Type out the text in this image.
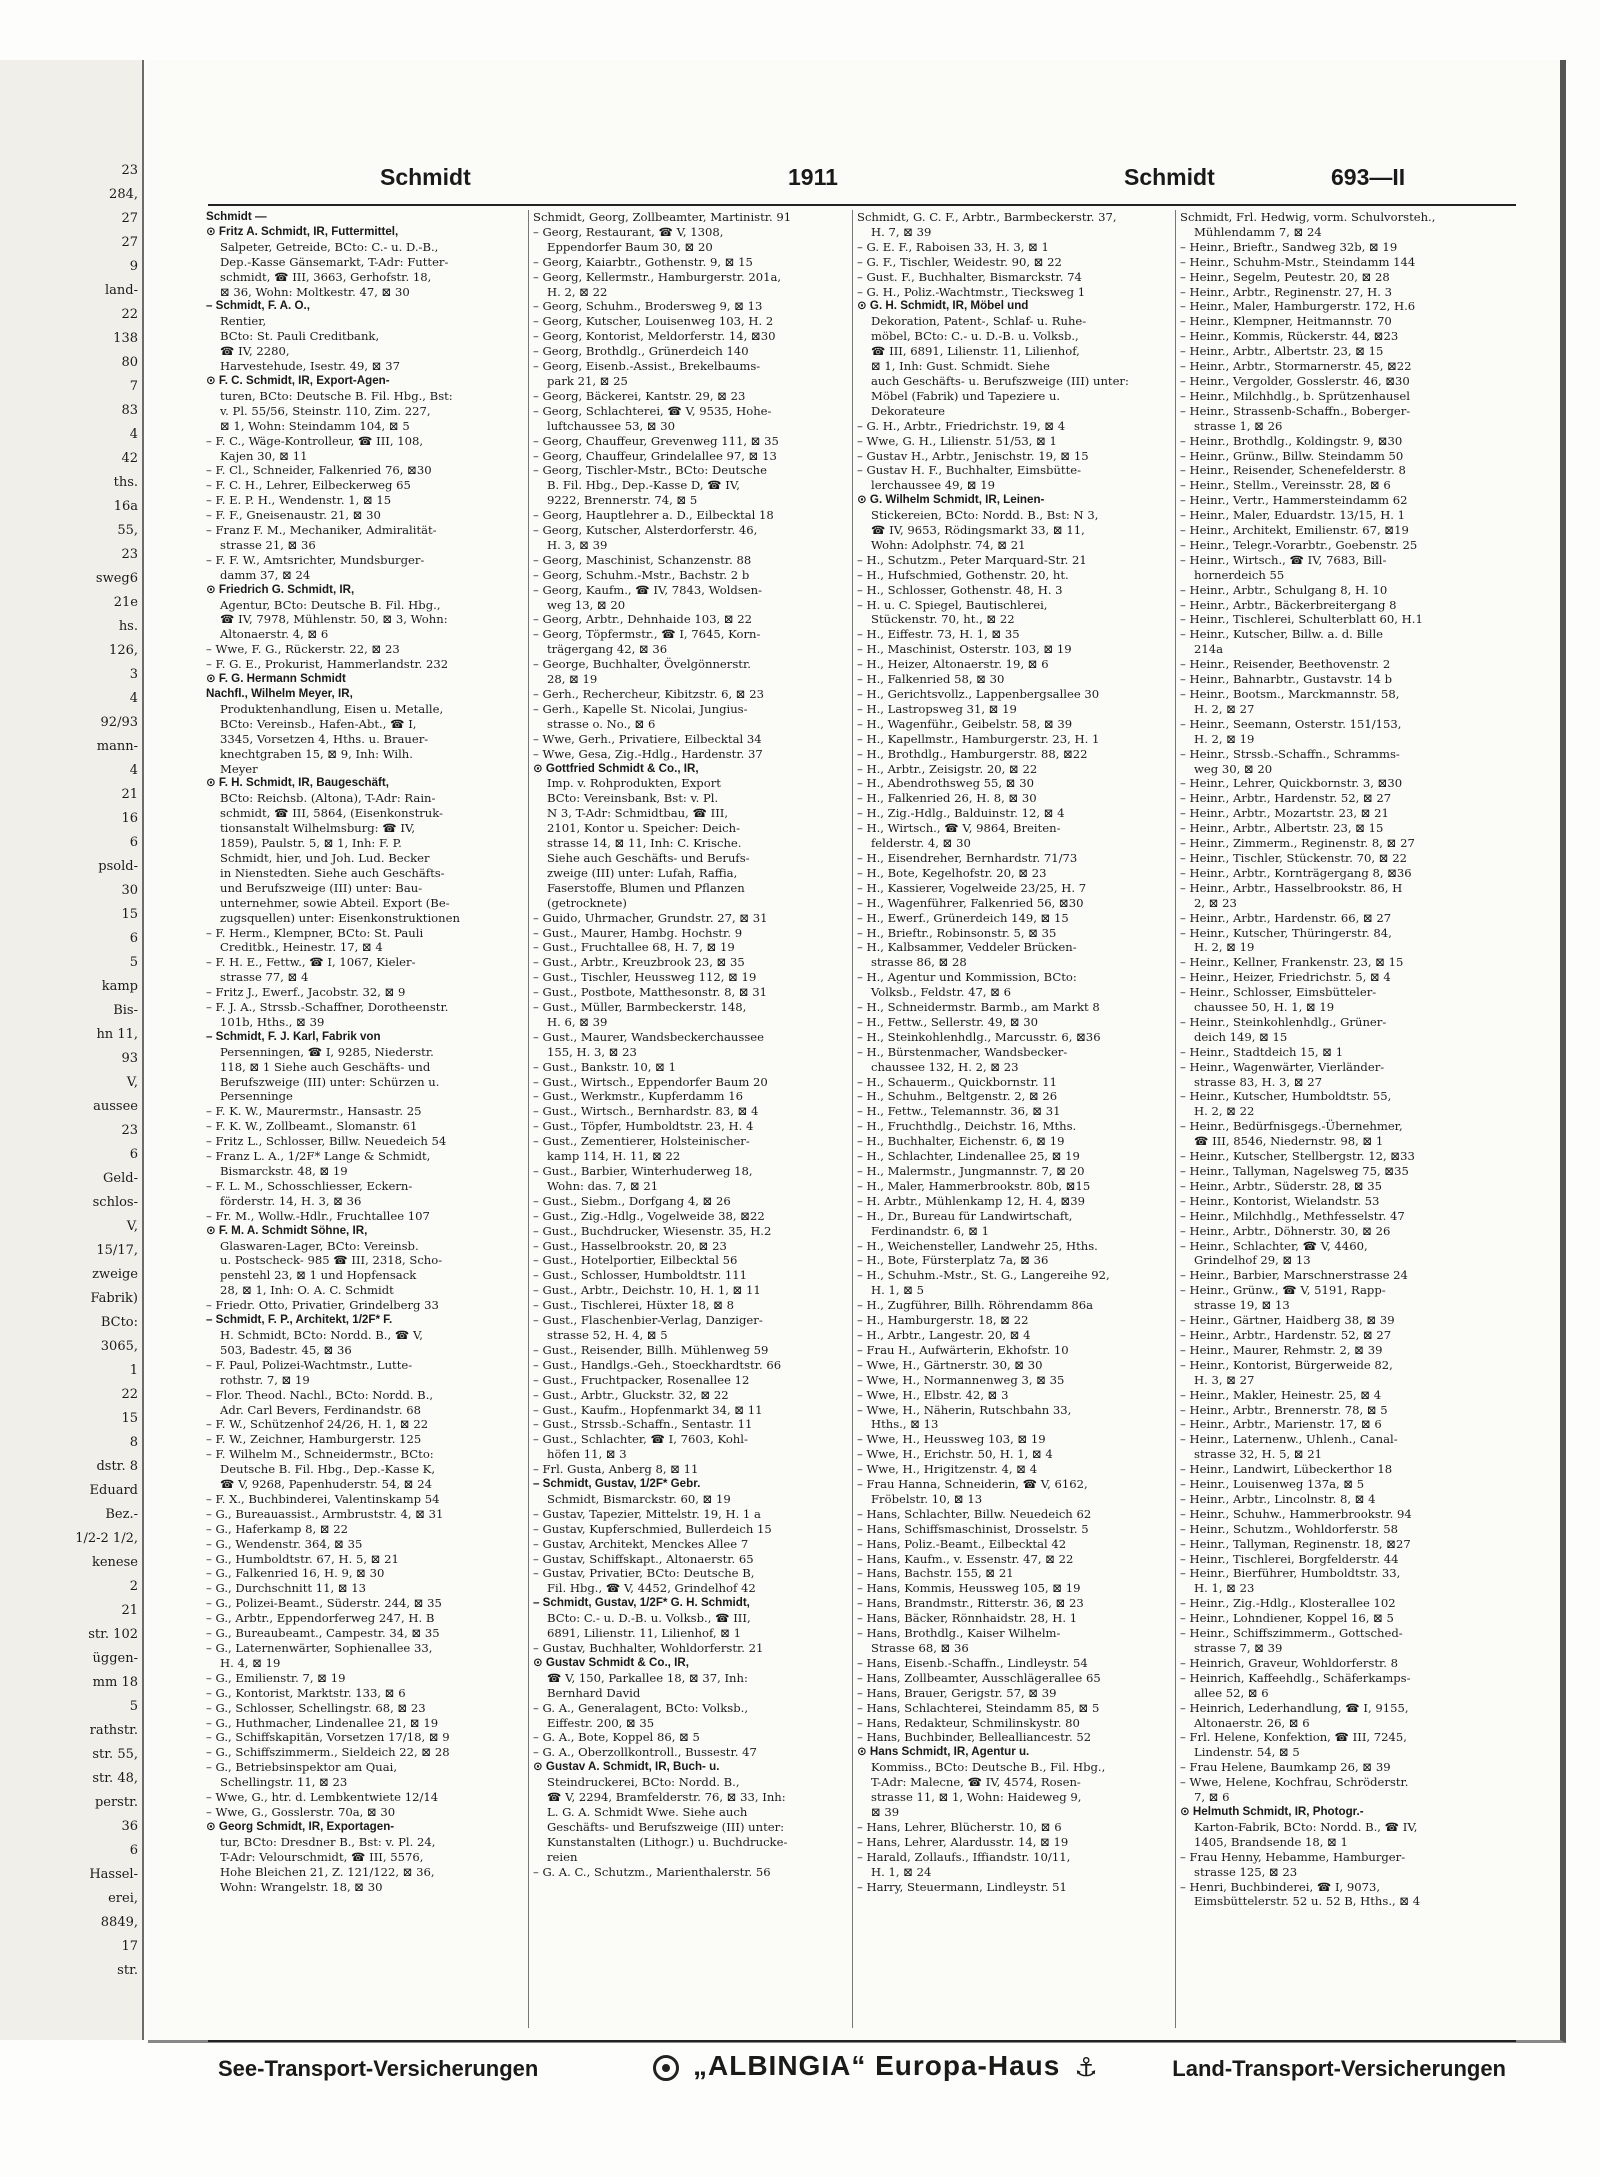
23
284,
27
27
9
land-
22
138
80
7
83
4
42
ths.
16a
55,
23
sweg6
21e
hs.
126,
3
4
92/93
mann-
4
21
16
6
psold-
30
15
6
5
kamp
Bis-
hn 11,
93
V,
aussee
23
6
Geld-
schlos-
V,
15/17,
zweige
Fabrik)
BCto:
3065,
1
22
15
8
dstr. 8
Eduard
Bez.-
1/2-2 1/2,
kenese
2
21
str. 102
üggen-
mm 18
5
rathstr.
str. 55,
str. 48,
perstr.
36
6
Hassel-
erei,
8849,
17
str.
Schmidt	1911	Schmidt	693—II
Schmidt —
⊙ Fritz A. Schmidt, IR, Futtermittel,
Salpeter, Getreide, BCto: C.- u. D.-B.,
Dep.-Kasse Gänsemarkt, T-Adr: Futter-
schmidt, ☎ III, 3663, Gerhofstr. 18,
⊠ 36, Wohn: Moltkestr. 47, ⊠ 30
– Schmidt, F. A. O.,
Rentier,
BCto: St. Pauli Creditbank,
☎ IV, 2280,
Harvestehude, Isestr. 49, ⊠ 37
⊙ F. C. Schmidt, IR, Export-Agen-
turen, BCto: Deutsche B. Fil. Hbg., Bst:
v. Pl. 55/56, Steinstr. 110, Zim. 227,
⊠ 1, Wohn: Steindamm 104, ⊠ 5
– F. C., Wäge-Kontrolleur, ☎ III, 108,
Kajen 30, ⊠ 11
– F. Cl., Schneider, Falkenried 76, ⊠30
– F. C. H., Lehrer, Eilbeckerweg 65
– F. E. P. H., Wendenstr. 1, ⊠ 15
– F. F., Gneisenaustr. 21, ⊠ 30
– Franz F. M., Mechaniker, Admiralität-
strasse 21, ⊠ 36
– F. F. W., Amtsrichter, Mundsburger-
damm 37, ⊠ 24
⊙ Friedrich G. Schmidt, IR,
Agentur, BCto: Deutsche B. Fil. Hbg.,
☎ IV, 7978, Mühlenstr. 50, ⊠ 3, Wohn:
Altonaerstr. 4, ⊠ 6
– Wwe, F. G., Rückerstr. 22, ⊠ 23
– F. G. E., Prokurist, Hammerlandstr. 232
⊙ F. G. Hermann Schmidt
Nachfl., Wilhelm Meyer, IR,
Produktenhandlung, Eisen u. Metalle,
BCto: Vereinsb., Hafen-Abt., ☎ I,
3345, Vorsetzen 4, Hths. u. Brauer-
knechtgraben 15, ⊠ 9, Inh: Wilh.
Meyer
⊙ F. H. Schmidt, IR, Baugeschäft,
BCto: Reichsb. (Altona), T-Adr: Rain-
schmidt, ☎ III, 5864, (Eisenkonstruk-
tionsanstalt Wilhelmsburg: ☎ IV,
1859), Paulstr. 5, ⊠ 1, Inh: F. P.
Schmidt, hier, und Joh. Lud. Becker
in Nienstedten. Siehe auch Geschäfts-
und Berufszweige (III) unter: Bau-
unternehmer, sowie Abteil. Export (Be-
zugsquellen) unter: Eisenkonstruktionen
– F. Herm., Klempner, BCto: St. Pauli
Creditbk., Heinestr. 17, ⊠ 4
– F. H. E., Fettw., ☎ I, 1067, Kieler-
strasse 77, ⊠ 4
– Fritz J., Ewerf., Jacobstr. 32, ⊠ 9
– F. J. A., Strssb.-Schaffner, Dorotheenstr.
101b, Hths., ⊠ 39
– Schmidt, F. J. Karl, Fabrik von
Persenningen, ☎ I, 9285, Niederstr.
118, ⊠ 1 Siehe auch Geschäfts- und
Berufszweige (III) unter: Schürzen u.
Persenninge
– F. K. W., Maurermstr., Hansastr. 25
– F. K. W., Zollbeamt., Slomanstr. 61
– Fritz L., Schlosser, Billw. Neuedeich 54
– Franz L. A., 1/2F* Lange & Schmidt,
Bismarckstr. 48, ⊠ 19
– F. L. M., Schosschliesser, Eckern-
förderstr. 14, H. 3, ⊠ 36
– Fr. M., Wollw.-Hdlr., Fruchtallee 107
⊙ F. M. A. Schmidt Söhne, IR,
Glaswaren-Lager, BCto: Vereinsb.
u. Postscheck- 985 ☎ III, 2318, Scho-
penstehl 23, ⊠ 1 und Hopfensack
28, ⊠ 1, Inh: O. A. C. Schmidt
– Friedr. Otto, Privatier, Grindelberg 33
– Schmidt, F. P., Architekt, 1/2F* F.
H. Schmidt, BCto: Nordd. B., ☎ V,
503, Badestr. 45, ⊠ 36
– F. Paul, Polizei-Wachtmstr., Lutte-
rothstr. 7, ⊠ 19
– Flor. Theod. Nachl., BCto: Nordd. B.,
Adr. Carl Bevers, Ferdinandstr. 68
– F. W., Schützenhof 24/26, H. 1, ⊠ 22
– F. W., Zeichner, Hamburgerstr. 125
– F. Wilhelm M., Schneidermstr., BCto:
Deutsche B. Fil. Hbg., Dep.-Kasse K,
☎ V, 9268, Papenhuderstr. 54, ⊠ 24
– F. X., Buchbinderei, Valentinskamp 54
– G., Bureauassist., Armbruststr. 4, ⊠ 31
– G., Haferkamp 8, ⊠ 22
– G., Wendenstr. 364, ⊠ 35
– G., Humboldtstr. 67, H. 5, ⊠ 21
– G., Falkenried 16, H. 9, ⊠ 30
– G., Durchschnitt 11, ⊠ 13
– G., Polizei-Beamt., Süderstr. 244, ⊠ 35
– G., Arbtr., Eppendorferweg 247, H. B
– G., Bureaubeamt., Campestr. 34, ⊠ 35
– G., Laternenwärter, Sophienallee 33,
H. 4, ⊠ 19
– G., Emilienstr. 7, ⊠ 19
– G., Kontorist, Marktstr. 133, ⊠ 6
– G., Schlosser, Schellingstr. 68, ⊠ 23
– G., Huthmacher, Lindenallee 21, ⊠ 19
– G., Schiffskapitän, Vorsetzen 17/18, ⊠ 9
– G., Schiffszimmerm., Sieldeich 22, ⊠ 28
– G., Betriebsinspektor am Quai,
Schellingstr. 11, ⊠ 23
– Wwe, G., htr. d. Lembkentwiete 12/14
– Wwe, G., Gosslerstr. 70a, ⊠ 30
⊙ Georg Schmidt, IR, Exportagen-
tur, BCto: Dresdner B., Bst: v. Pl. 24,
T-Adr: Velourschmidt, ☎ III, 5576,
Hohe Bleichen 21, Z. 121/122, ⊠ 36,
Wohn: Wrangelstr. 18, ⊠ 30
Schmidt, Georg, Zollbeamter, Martinistr. 91
– Georg, Restaurant, ☎ V, 1308,
Eppendorfer Baum 30, ⊠ 20
– Georg, Kaiarbtr., Gothenstr. 9, ⊠ 15
– Georg, Kellermstr., Hamburgerstr. 201a,
H. 2, ⊠ 22
– Georg, Schuhm., Brodersweg 9, ⊠ 13
– Georg, Kutscher, Louisenweg 103, H. 2
– Georg, Kontorist, Meldorferstr. 14, ⊠30
– Georg, Brothdlg., Grünerdeich 140
– Georg, Eisenb.-Assist., Brekelbaums-
park 21, ⊠ 25
– Georg, Bäckerei, Kantstr. 29, ⊠ 23
– Georg, Schlachterei, ☎ V, 9535, Hohe-
luftchaussee 53, ⊠ 30
– Georg, Chauffeur, Grevenweg 111, ⊠ 35
– Georg, Chauffeur, Grindelallee 97, ⊠ 13
– Georg, Tischler-Mstr., BCto: Deutsche
B. Fil. Hbg., Dep.-Kasse D, ☎ IV,
9222, Brennerstr. 74, ⊠ 5
– Georg, Hauptlehrer a. D., Eilbecktal 18
– Georg, Kutscher, Alsterdorferstr. 46,
H. 3, ⊠ 39
– Georg, Maschinist, Schanzenstr. 88
– Georg, Schuhm.-Mstr., Bachstr. 2 b
– Georg, Kaufm., ☎ IV, 7843, Woldsen-
weg 13, ⊠ 20
– Georg, Arbtr., Dehnhaide 103, ⊠ 22
– Georg, Töpfermstr., ☎ I, 7645, Korn-
trägergang 42, ⊠ 36
– George, Buchhalter, Övelgönnerstr.
28, ⊠ 19
– Gerh., Rechercheur, Kibitzstr. 6, ⊠ 23
– Gerh., Kapelle St. Nicolai, Jungius-
strasse o. No., ⊠ 6
– Wwe, Gerh., Privatiere, Eilbecktal 34
– Wwe, Gesa, Zig.-Hdlg., Hardenstr. 37
⊙ Gottfried Schmidt & Co., IR,
Imp. v. Rohprodukten, Export
BCto: Vereinsbank, Bst: v. Pl.
N 3, T-Adr: Schmidtbau, ☎ III,
2101, Kontor u. Speicher: Deich-
strasse 14, ⊠ 11, Inh: C. Krische.
Siehe auch Geschäfts- und Berufs-
zweige (III) unter: Lufah, Raffia,
Faserstoffe, Blumen und Pflanzen
(getrocknete)
– Guido, Uhrmacher, Grundstr. 27, ⊠ 31
– Gust., Maurer, Hambg. Hochstr. 9
– Gust., Fruchtallee 68, H. 7, ⊠ 19
– Gust., Arbtr., Kreuzbrook 23, ⊠ 35
– Gust., Tischler, Heussweg 112, ⊠ 19
– Gust., Postbote, Matthesonstr. 8, ⊠ 31
– Gust., Müller, Barmbeckerstr. 148,
H. 6, ⊠ 39
– Gust., Maurer, Wandsbeckerchaussee
155, H. 3, ⊠ 23
– Gust., Bankstr. 10, ⊠ 1
– Gust., Wirtsch., Eppendorfer Baum 20
– Gust., Werkmstr., Kupferdamm 16
– Gust., Wirtsch., Bernhardstr. 83, ⊠ 4
– Gust., Töpfer, Humboldtstr. 23, H. 4
– Gust., Zementierer, Holsteinischer-
kamp 114, H. 11, ⊠ 22
– Gust., Barbier, Winterhuderweg 18,
Wohn: das. 7, ⊠ 21
– Gust., Siebm., Dorfgang 4, ⊠ 26
– Gust., Zig.-Hdlg., Vogelweide 38, ⊠22
– Gust., Buchdrucker, Wiesenstr. 35, H.2
– Gust., Hasselbrookstr. 20, ⊠ 23
– Gust., Hotelportier, Eilbecktal 56
– Gust., Schlosser, Humboldtstr. 111
– Gust., Arbtr., Deichstr. 10, H. 1, ⊠ 11
– Gust., Tischlerei, Hüxter 18, ⊠ 8
– Gust., Flaschenbier-Verlag, Danziger-
strasse 52, H. 4, ⊠ 5
– Gust., Reisender, Billh. Mühlenweg 59
– Gust., Handlgs.-Geh., Stoeckhardtstr. 66
– Gust., Fruchtpacker, Rosenallee 12
– Gust., Arbtr., Gluckstr. 32, ⊠ 22
– Gust., Kaufm., Hopfenmarkt 34, ⊠ 11
– Gust., Strssb.-Schaffn., Sentastr. 11
– Gust., Schlachter, ☎ I, 7603, Kohl-
höfen 11, ⊠ 3
– Frl. Gusta, Anberg 8, ⊠ 11
– Schmidt, Gustav, 1/2F* Gebr.
Schmidt, Bismarckstr. 60, ⊠ 19
– Gustav, Tapezier, Mittelstr. 19, H. 1 a
– Gustav, Kupferschmied, Bullerdeich 15
– Gustav, Architekt, Menckes Allee 7
– Gustav, Schiffskapt., Altonaerstr. 65
– Gustav, Privatier, BCto: Deutsche B,
Fil. Hbg., ☎ V, 4452, Grindelhof 42
– Schmidt, Gustav, 1/2F* G. H. Schmidt,
BCto: C.- u. D.-B. u. Volksb., ☎ III,
6891, Lilienstr. 11, Lilienhof, ⊠ 1
– Gustav, Buchhalter, Wohldorferstr. 21
⊙ Gustav Schmidt & Co., IR,
☎ V, 150, Parkallee 18, ⊠ 37, Inh:
Bernhard David
– G. A., Generalagent, BCto: Volksb.,
Eiffestr. 200, ⊠ 35
– G. A., Bote, Koppel 86, ⊠ 5
– G. A., Oberzollkontroll., Bussestr. 47
⊙ Gustav A. Schmidt, IR, Buch- u.
Steindruckerei, BCto: Nordd. B.,
☎ V, 2294, Bramfelderstr. 76, ⊠ 33, Inh:
L. G. A. Schmidt Wwe. Siehe auch
Geschäfts- und Berufszweige (III) unter:
Kunstanstalten (Lithogr.) u. Buchdrucke-
reien
– G. A. C., Schutzm., Marienthalerstr. 56
Schmidt, G. C. F., Arbtr., Barmbeckerstr. 37,
H. 7, ⊠ 39
– G. E. F., Raboisen 33, H. 3, ⊠ 1
– G. F., Tischler, Weidestr. 90, ⊠ 22
– Gust. F., Buchhalter, Bismarckstr. 74
– G. H., Poliz.-Wachtmstr., Tiecksweg 1
⊙ G. H. Schmidt, IR, Möbel und
Dekoration, Patent-, Schlaf- u. Ruhe-
möbel, BCto: C.- u. D.-B. u. Volksb.,
☎ III, 6891, Lilienstr. 11, Lilienhof,
⊠ 1, Inh: Gust. Schmidt. Siehe
auch Geschäfts- u. Berufszweige (III) unter:
Möbel (Fabrik) und Tapeziere u.
Dekorateure
– G. H., Arbtr., Friedrichstr. 19, ⊠ 4
– Wwe, G. H., Lilienstr. 51/53, ⊠ 1
– Gustav H., Arbtr., Jenischstr. 19, ⊠ 15
– Gustav H. F., Buchhalter, Eimsbütte-
lerchaussee 49, ⊠ 19
⊙ G. Wilhelm Schmidt, IR, Leinen-
Stickereien, BCto: Nordd. B., Bst: N 3,
☎ IV, 9653, Rödingsmarkt 33, ⊠ 11,
Wohn: Adolphstr. 74, ⊠ 21
– H., Schutzm., Peter Marquard-Str. 21
– H., Hufschmied, Gothenstr. 20, ht.
– H., Schlosser, Gothenstr. 48, H. 3
– H. u. C. Spiegel, Bautischlerei,
Stückenstr. 70, ht., ⊠ 22
– H., Eiffestr. 73, H. 1, ⊠ 35
– H., Maschinist, Osterstr. 103, ⊠ 19
– H., Heizer, Altonaerstr. 19, ⊠ 6
– H., Falkenried 58, ⊠ 30
– H., Gerichtsvollz., Lappenbergsallee 30
– H., Lastropsweg 31, ⊠ 19
– H., Wagenführ., Geibelstr. 58, ⊠ 39
– H., Kapellmstr., Hamburgerstr. 23, H. 1
– H., Brothdlg., Hamburgerstr. 88, ⊠22
– H., Arbtr., Zeisigstr. 20, ⊠ 22
– H., Abendrothsweg 55, ⊠ 30
– H., Falkenried 26, H. 8, ⊠ 30
– H., Zig.-Hdlg., Balduinstr. 12, ⊠ 4
– H., Wirtsch., ☎ V, 9864, Breiten-
felderstr. 4, ⊠ 30
– H., Eisendreher, Bernhardstr. 71/73
– H., Bote, Kegelhofstr. 20, ⊠ 23
– H., Kassierer, Vogelweide 23/25, H. 7
– H., Wagenführer, Falkenried 56, ⊠30
– H., Ewerf., Grünerdeich 149, ⊠ 15
– H., Brieftr., Robinsonstr. 5, ⊠ 35
– H., Kalbsammer, Veddeler Brücken-
strasse 86, ⊠ 28
– H., Agentur und Kommission, BCto:
Volksb., Feldstr. 47, ⊠ 6
– H., Schneidermstr. Barmb., am Markt 8
– H., Fettw., Sellerstr. 49, ⊠ 30
– H., Steinkohlenhdlg., Marcusstr. 6, ⊠36
– H., Bürstenmacher, Wandsbecker-
chaussee 132, H. 2, ⊠ 23
– H., Schauerm., Quickbornstr. 11
– H., Schuhm., Beltgenstr. 2, ⊠ 26
– H., Fettw., Telemannstr. 36, ⊠ 31
– H., Fruchthdlg., Deichstr. 16, Mths.
– H., Buchhalter, Eichenstr. 6, ⊠ 19
– H., Schlachter, Lindenallee 25, ⊠ 19
– H., Malermstr., Jungmannstr. 7, ⊠ 20
– H., Maler, Hammerbrookstr. 80b, ⊠15
– H. Arbtr., Mühlenkamp 12, H. 4, ⊠39
– H., Dr., Bureau für Landwirtschaft,
Ferdinandstr. 6, ⊠ 1
– H., Weichensteller, Landwehr 25, Hths.
– H., Bote, Fürsterplatz 7a, ⊠ 36
– H., Schuhm.-Mstr., St. G., Langereihe 92,
H. 1, ⊠ 5
– H., Zugführer, Billh. Röhrendamm 86a
– H., Hamburgerstr. 18, ⊠ 22
– H., Arbtr., Langestr. 20, ⊠ 4
– Frau H., Aufwärterin, Ekhofstr. 10
– Wwe, H., Gärtnerstr. 30, ⊠ 30
– Wwe, H., Normannenweg 3, ⊠ 35
– Wwe, H., Elbstr. 42, ⊠ 3
– Wwe, H., Näherin, Rutschbahn 33,
Hths., ⊠ 13
– Wwe, H., Heussweg 103, ⊠ 19
– Wwe, H., Erichstr. 50, H. 1, ⊠ 4
– Wwe, H., Hrigitzenstr. 4, ⊠ 4
– Frau Hanna, Schneiderin, ☎ V, 6162,
Fröbelstr. 10, ⊠ 13
– Hans, Schlachter, Billw. Neuedeich 62
– Hans, Schiffsmaschinist, Drosselstr. 5
– Hans, Poliz.-Beamt., Eilbecktal 42
– Hans, Kaufm., v. Essenstr. 47, ⊠ 22
– Hans, Bachstr. 155, ⊠ 21
– Hans, Kommis, Heussweg 105, ⊠ 19
– Hans, Brandmstr., Ritterstr. 36, ⊠ 23
– Hans, Bäcker, Rönnhaidstr. 28, H. 1
– Hans, Brothdlg., Kaiser Wilhelm-
Strasse 68, ⊠ 36
– Hans, Eisenb.-Schaffn., Lindleystr. 54
– Hans, Zollbeamter, Ausschlägerallee 65
– Hans, Brauer, Gerigstr. 57, ⊠ 39
– Hans, Schlachterei, Steindamm 85, ⊠ 5
– Hans, Redakteur, Schmilinskystr. 80
– Hans, Buchbinder, Bellealliancestr. 52
⊙ Hans Schmidt, IR, Agentur u.
Kommiss., BCto: Deutsche B., Fil. Hbg.,
T-Adr: Malecne, ☎ IV, 4574, Rosen-
strasse 11, ⊠ 1, Wohn: Haideweg 9,
⊠ 39
– Hans, Lehrer, Blücherstr. 10, ⊠ 6
– Hans, Lehrer, Alardusstr. 14, ⊠ 19
– Harald, Zollaufs., Iffiandstr. 10/11,
H. 1, ⊠ 24
– Harry, Steuermann, Lindleystr. 51
Schmidt, Frl. Hedwig, vorm. Schulvorsteh.,
Mühlendamm 7, ⊠ 24
– Heinr., Brieftr., Sandweg 32b, ⊠ 19
– Heinr., Schuhm-Mstr., Steindamm 144
– Heinr., Segelm, Peutestr. 20, ⊠ 28
– Heinr., Arbtr., Reginenstr. 27, H. 3
– Heinr., Maler, Hamburgerstr. 172, H.6
– Heinr., Klempner, Heitmannstr. 70
– Heinr., Kommis, Rückerstr. 44, ⊠23
– Heinr., Arbtr., Albertstr. 23, ⊠ 15
– Heinr., Arbtr., Stormarnerstr. 45, ⊠22
– Heinr., Vergolder, Gosslerstr. 46, ⊠30
– Heinr., Milchhdlg., b. Sprützenhausel
– Heinr., Strassenb-Schaffn., Boberger-
strasse 1, ⊠ 26
– Heinr., Brothdlg., Koldingstr. 9, ⊠30
– Heinr., Grünw., Billw. Steindamm 50
– Heinr., Reisender, Schenefelderstr. 8
– Heinr., Stellm., Vereinsstr. 28, ⊠ 6
– Heinr., Vertr., Hammersteindamm 62
– Heinr., Maler, Eduardstr. 13/15, H. 1
– Heinr., Architekt, Emilienstr. 67, ⊠19
– Heinr., Telegr.-Vorarbtr., Goebenstr. 25
– Heinr., Wirtsch., ☎ IV, 7683, Bill-
hornerdeich 55
– Heinr., Arbtr., Schulgang 8, H. 10
– Heinr., Arbtr., Bäckerbreitergang 8
– Heinr., Tischlerei, Schulterblatt 60, H.1
– Heinr., Kutscher, Billw. a. d. Bille
214a
– Heinr., Reisender, Beethovenstr. 2
– Heinr., Bahnarbtr., Gustavstr. 14 b
– Heinr., Bootsm., Marckmannstr. 58,
H. 2, ⊠ 27
– Heinr., Seemann, Osterstr. 151/153,
H. 2, ⊠ 19
– Heinr., Strssb.-Schaffn., Schramms-
weg 30, ⊠ 20
– Heinr., Lehrer, Quickbornstr. 3, ⊠30
– Heinr., Arbtr., Hardenstr. 52, ⊠ 27
– Heinr., Arbtr., Mozartstr. 23, ⊠ 21
– Heinr., Arbtr., Albertstr. 23, ⊠ 15
– Heinr., Zimmerm., Reginenstr. 8, ⊠ 27
– Heinr., Tischler, Stückenstr. 70, ⊠ 22
– Heinr., Arbtr., Kornträgergang 8, ⊠36
– Heinr., Arbtr., Hasselbrookstr. 86, H
2, ⊠ 23
– Heinr., Arbtr., Hardenstr. 66, ⊠ 27
– Heinr., Kutscher, Thüringerstr. 84,
H. 2, ⊠ 19
– Heinr., Kellner, Frankenstr. 23, ⊠ 15
– Heinr., Heizer, Friedrichstr. 5, ⊠ 4
– Heinr., Schlosser, Eimsbütteler-
chaussee 50, H. 1, ⊠ 19
– Heinr., Steinkohlenhdlg., Grüner-
deich 149, ⊠ 15
– Heinr., Stadtdeich 15, ⊠ 1
– Heinr., Wagenwärter, Vierländer-
strasse 83, H. 3, ⊠ 27
– Heinr., Kutscher, Humboldtstr. 55,
H. 2, ⊠ 22
– Heinr., Bedürfnisgegs.-Übernehmer,
☎ III, 8546, Niedernstr. 98, ⊠ 1
– Heinr., Kutscher, Stellbergstr. 12, ⊠33
– Heinr., Tallyman, Nagelsweg 75, ⊠35
– Heinr., Arbtr., Süderstr. 28, ⊠ 35
– Heinr., Kontorist, Wielandstr. 53
– Heinr., Milchhdlg., Methfesselstr. 47
– Heinr., Arbtr., Döhnerstr. 30, ⊠ 26
– Heinr., Schlachter, ☎ V, 4460,
Grindelhof 29, ⊠ 13
– Heinr., Barbier, Marschnerstrasse 24
– Heinr., Grünw., ☎ V, 5191, Rapp-
strasse 19, ⊠ 13
– Heinr., Gärtner, Haidberg 38, ⊠ 39
– Heinr., Arbtr., Hardenstr. 52, ⊠ 27
– Heinr., Maurer, Rehmstr. 2, ⊠ 39
– Heinr., Kontorist, Bürgerweide 82,
H. 3, ⊠ 27
– Heinr., Makler, Heinestr. 25, ⊠ 4
– Heinr., Arbtr., Brennerstr. 78, ⊠ 5
– Heinr., Arbtr., Marienstr. 17, ⊠ 6
– Heinr., Laternenw., Uhlenh., Canal-
strasse 32, H. 5, ⊠ 21
– Heinr., Landwirt, Lübeckerthor 18
– Heinr., Louisenweg 137a, ⊠ 5
– Heinr., Arbtr., Lincolnstr. 8, ⊠ 4
– Heinr., Schuhw., Hammerbrookstr. 94
– Heinr., Schutzm., Wohldorferstr. 58
– Heinr., Tallyman, Reginenstr. 18, ⊠27
– Heinr., Tischlerei, Borgfelderstr. 44
– Heinr., Bierführer, Humboldtstr. 33,
H. 1, ⊠ 23
– Heinr., Zig.-Hdlg., Klosterallee 102
– Heinr., Lohndiener, Koppel 16, ⊠ 5
– Heinr., Schiffszimmerm., Gottsched-
strasse 7, ⊠ 39
– Heinrich, Graveur, Wohldorferstr. 8
– Heinrich, Kaffeehdlg., Schäferkamps-
allee 52, ⊠ 6
– Heinrich, Lederhandlung, ☎ I, 9155,
Altonaerstr. 26, ⊠ 6
– Frl. Helene, Konfektion, ☎ III, 7245,
Lindenstr. 54, ⊠ 5
– Frau Helene, Baumkamp 26, ⊠ 39
– Wwe, Helene, Kochfrau, Schröderstr.
7, ⊠ 6
⊙ Helmuth Schmidt, IR, Photogr.-
Karton-Fabrik, BCto: Nordd. B., ☎ IV,
1405, Brandsende 18, ⊠ 1
– Frau Henny, Hebamme, Hamburger-
strasse 125, ⊠ 23
– Henri, Buchbinderei, ☎ I, 9073,
Eimsbüttelerstr. 52 u. 52 B, Hths., ⊠ 4
See-Transport-Versicherungen	„ALBINGIA“ Europa-Haus ⚓	Land-Transport-Versicherungen
